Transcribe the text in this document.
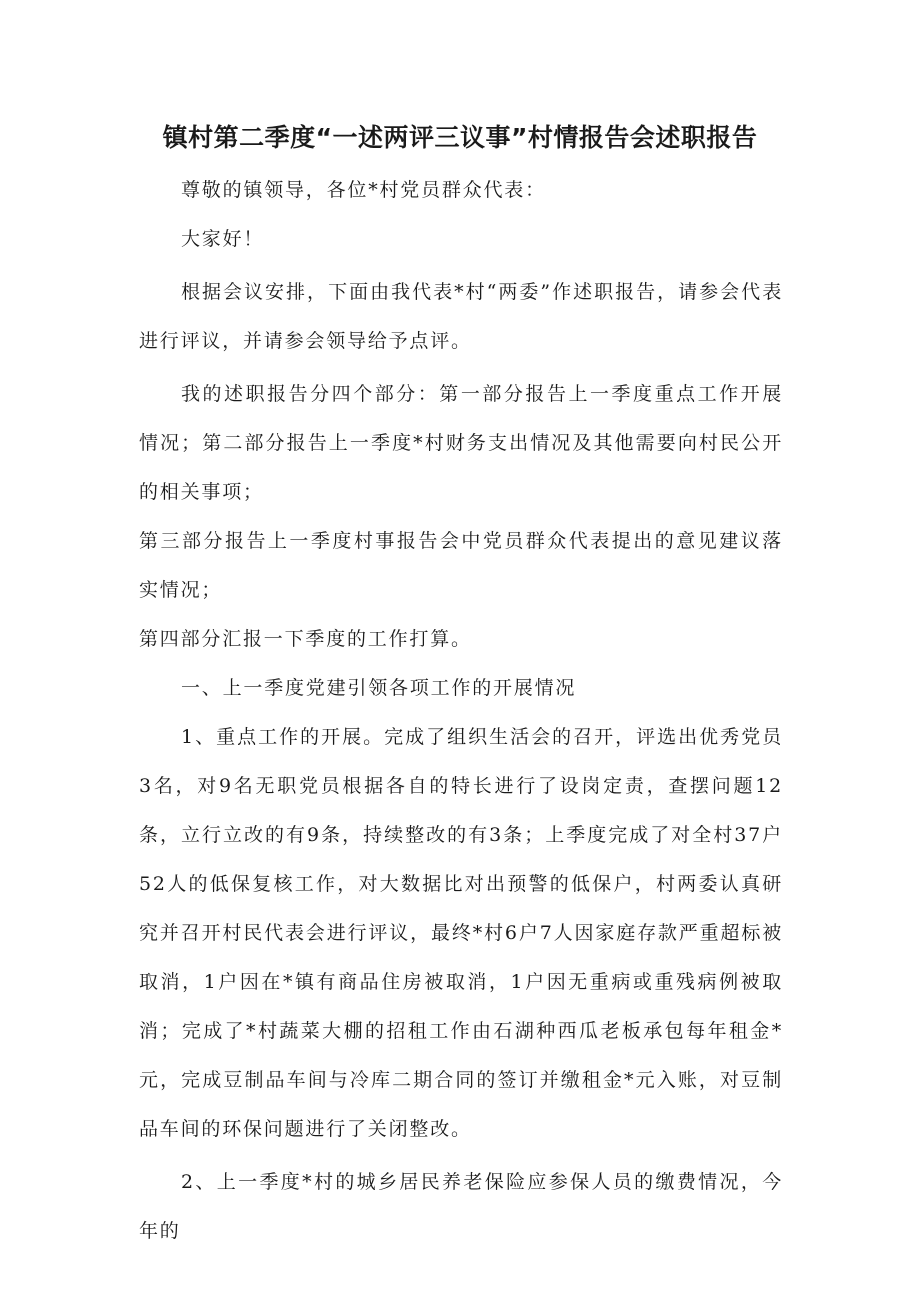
镇村第二季度“一述两评三议事”村情报告会述职报告

尊敬的镇领导，各位*村党员群众代表：

大家好！

根据会议安排，下面由我代表*村“两委”作述职报告，请参会代表进行评议，并请参会领导给予点评。

我的述职报告分四个部分：第一部分报告上一季度重点工作开展情况；第二部分报告上一季度*村财务支出情况及其他需要向村民公开的相关事项；

第三部分报告上一季度村事报告会中党员群众代表提出的意见建议落实情况；

第四部分汇报一下季度的工作打算。

一、上一季度党建引领各项工作的开展情况

1、重点工作的开展。完成了组织生活会的召开，评选出优秀党员3名，对9名无职党员根据各自的特长进行了设岗定责，查摆问题12条，立行立改的有9条，持续整改的有3条；上季度完成了对全村37户52人的低保复核工作，对大数据比对出预警的低保户，村两委认真研究并召开村民代表会进行评议，最终*村6户7人因家庭存款严重超标被取消，1户因在*镇有商品住房被取消，1户因无重病或重残病例被取消；完成了*村蔬菜大棚的招租工作由石湖种西瓜老板承包每年租金*元，完成豆制品车间与冷库二期合同的签订并缴租金*元入账，对豆制品车间的环保问题进行了关闭整改。

2、上一季度*村的城乡居民养老保险应参保人员的缴费情况，今年的
